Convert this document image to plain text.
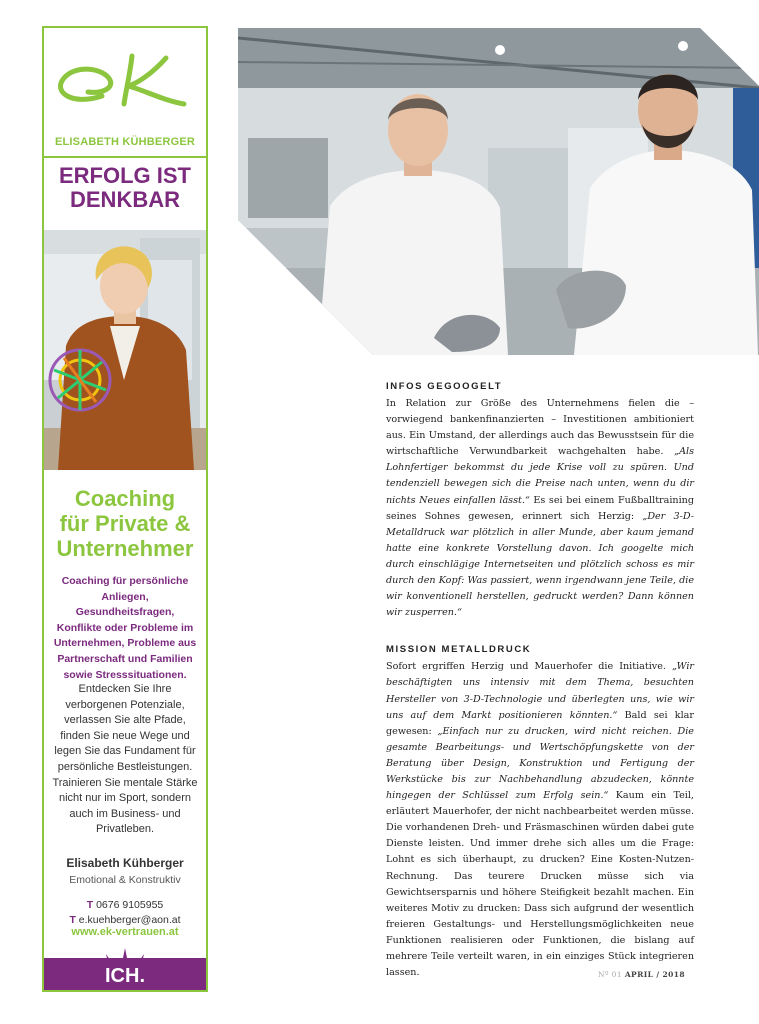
ELISABETH KÜHBERGER
ERFOLG IST
DENKBAR
Coaching
für Private &
Unternehmer
Coaching für persönliche Anliegen, Gesundheitsfragen, Konflikte oder Probleme im Unternehmen, Probleme aus Partnerschaft und Familien sowie Stresssituationen.
Entdecken Sie Ihre verborgenen Potenziale, verlassen Sie alte Pfade, finden Sie neue Wege und legen Sie das Fundament für persönliche Bestleistungen. Trainieren Sie mentale Stärke nicht nur im Sport, sondern auch im Business- und Privatleben.
Elisabeth Kühberger
Emotional & Konstruktiv
T 0676 9105955
T e.kuehberger@aon.at
www.ek-vertrauen.at
ICH.
INFOS GEGOOGELT

In Relation zur Größe des Unternehmens fielen die – vorwiegend bankenfinanzierten – Investitionen ambitioniert aus. Ein Umstand, der allerdings auch das Bewusstsein für die wirtschaftliche Verwundbarkeit wachgehalten habe. „Als Lohnfertiger bekommst du jede Krise voll zu spüren. Und tendenziell bewegen sich die Preise nach unten, wenn du dir nichts Neues einfallen lässt.“ Es sei bei einem Fußballtraining seines Sohnes gewesen, erinnert sich Herzig: „Der 3-D-Metalldruck war plötzlich in aller Munde, aber kaum jemand hatte eine konkrete Vorstellung davon. Ich googelte mich durch einschlägige Internetseiten und plötzlich schoss es mir durch den Kopf: Was passiert, wenn irgendwann jene Teile, die wir konventionell herstellen, gedruckt werden? Dann können wir zusperren.“

MISSION METALLDRUCK

Sofort ergriffen Herzig und Mauerhofer die Initiative. „Wir beschäftigten uns intensiv mit dem Thema, besuchten Hersteller von 3-D-Technologie und überlegten uns, wie wir uns auf dem Markt positionieren könnten.“ Bald sei klar gewesen: „Einfach nur zu drucken, wird nicht reichen. Die gesamte Bearbeitungs- und Wertschöpfungskette von der Beratung über Design, Konstruktion und Fertigung der Werkstücke bis zur Nachbehandlung abzudecken, könnte hingegen der Schlüssel zum Erfolg sein.“ Kaum ein Teil, erläutert Mauerhofer, der nicht nachbearbeitet werden müsse. Die vorhandenen Dreh- und Fräsmaschinen würden dabei gute Dienste leisten. Und immer drehe sich alles um die Frage: Lohnt es sich überhaupt, zu drucken? Eine Kosten-Nutzen-Rechnung. Das teurere Drucken müsse sich via Gewichtsersparnis und höhere Steifigkeit bezahlt machen. Ein weiteres Motiv zu drucken: Dass sich aufgrund der wesentlich freieren Gestaltungs- und Herstellungsmöglichkeiten neue Funktionen realisieren oder Funktionen, die bislang auf mehrere Teile verteilt waren, in ein einziges Stück integrieren lassen.	Nº 01 APRIL / 2018
